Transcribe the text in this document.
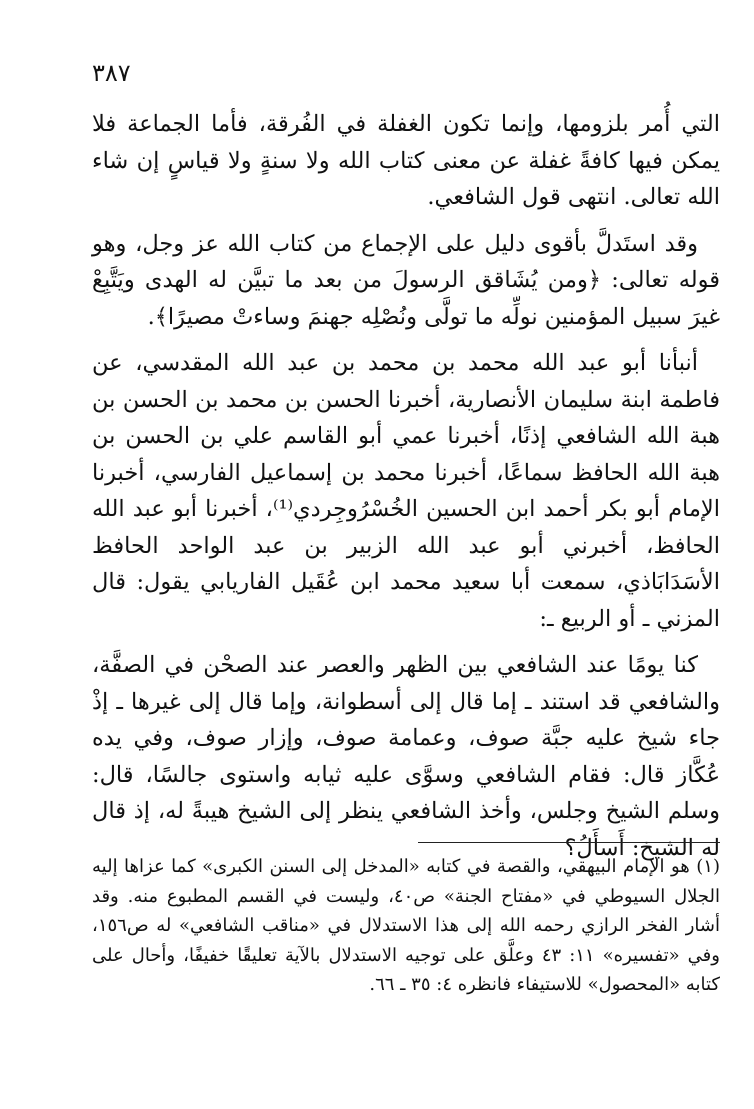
٣٨٧

التي أُمر بلزومها، وإنما تكون الغفلة في الفُرقة، فأما الجماعة فلا يمكن فيها كافةً غفلة عن معنى كتاب الله ولا سنةٍ ولا قياسٍ إن شاء الله تعالى. انتهى قول الشافعي.

وقد استَدلَّ بأقوى دليل على الإجماع من كتاب الله عز وجل، وهو قوله تعالى: ﴿ومن يُشَاقق الرسولَ من بعد ما تبيَّن له الهدى ويَتَّبِعْ غيرَ سبيل المؤمنين نولِّه ما تولَّى ونُصْلِه جهنمَ وساءتْ مصيرًا﴾.

أنبأنا أبو عبد الله محمد بن محمد بن عبد الله المقدسي، عن فاطمة ابنة سليمان الأنصارية، أخبرنا الحسن بن محمد بن الحسن بن هبة الله الشافعي إذنًا، أخبرنا عمي أبو القاسم علي بن الحسن بن هبة الله الحافظ سماعًا، أخبرنا محمد بن إسماعيل الفارسي، أخبرنا الإمام أبو بكر أحمد ابن الحسين الخُسْرُوجِردي⁽¹⁾، أخبرنا أبو عبد الله الحافظ، أخبرني أبو عبد الله الزبير بن عبد الواحد الحافظ الأسَدَابَاذي، سمعت أبا سعيد محمد ابن عُقَيل الفاريابي يقول: قال المزني ـ أو الربيع ـ:

كنا يومًا عند الشافعي بين الظهر والعصر عند الصحْن في الصفَّة، والشافعي قد استند ـ إما قال إلى أسطوانة، وإما قال إلى غيرها ـ إذْ جاء شيخ عليه جبَّة صوف، وعمامة صوف، وإزار صوف، وفي يده عُكَّاز قال: فقام الشافعي وسوَّى عليه ثيابه واستوى جالسًا، قال: وسلم الشيخ وجلس، وأخذ الشافعي ينظر إلى الشيخ هيبةً له، إذ قال له الشيخ: أَسأَلُ؟

(١) هو الإمام البيهقي، والقصة في كتابه «المدخل إلى السنن الكبرى» كما عزاها إليه الجلال السيوطي في «مفتاح الجنة» ص٤٠، وليست في القسم المطبوع منه. وقد أشار الفخر الرازي رحمه الله إلى هذا الاستدلال في «مناقب الشافعي» له ص١٥٦، وفي «تفسيره» ١١: ٤٣ وعلَّق على توجيه الاستدلال بالآية تعليقًا خفيفًا، وأحال على كتابه «المحصول» للاستيفاء فانظره ٤: ٣٥ ـ ٦٦.
